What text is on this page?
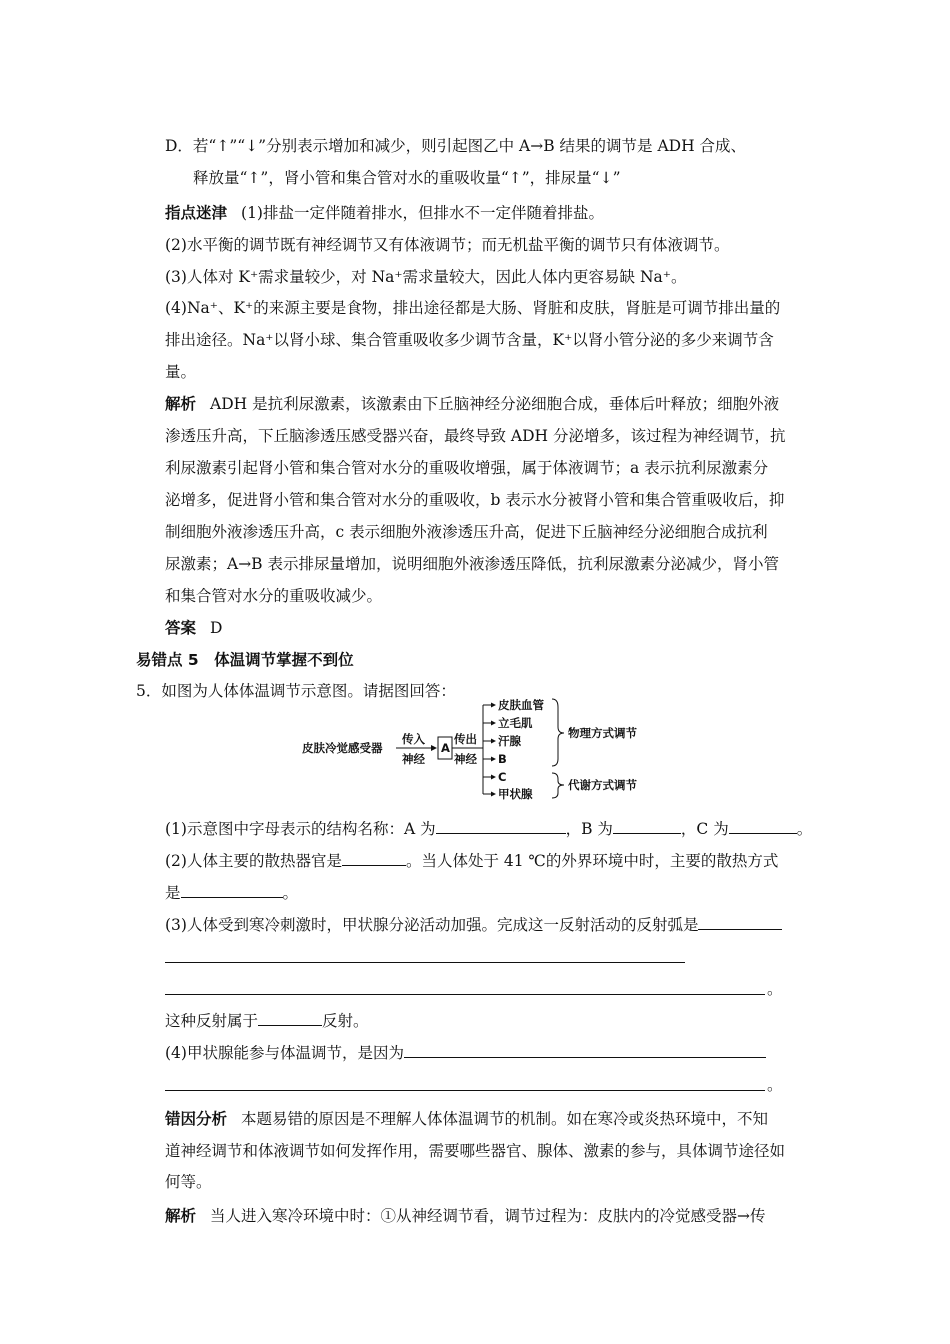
D．若“↑”“↓”分别表示增加和减少，则引起图乙中 A→B 结果的调节是 ADH 合成、
释放量“↑”，肾小管和集合管对水的重吸收量“↑”，排尿量“↓”
指点迷津 (1)排盐一定伴随着排水，但排水不一定伴随着排盐。
(2)水平衡的调节既有神经调节又有体液调节；而无机盐平衡的调节只有体液调节。
(3)人体对 K⁺需求量较少，对 Na⁺需求量较大，因此人体内更容易缺 Na⁺。
(4)Na⁺、K⁺的来源主要是食物，排出途径都是大肠、肾脏和皮肤，肾脏是可调节排出量的
排出途径。Na⁺以肾小球、集合管重吸收多少调节含量，K⁺以肾小管分泌的多少来调节含
量。
解析 ADH 是抗利尿激素，该激素由下丘脑神经分泌细胞合成，垂体后叶释放；细胞外液
渗透压升高，下丘脑渗透压感受器兴奋，最终导致 ADH 分泌增多，该过程为神经调节，抗
利尿激素引起肾小管和集合管对水分的重吸收增强，属于体液调节；a 表示抗利尿激素分
泌增多，促进肾小管和集合管对水分的重吸收，b 表示水分被肾小管和集合管重吸收后，抑
制细胞外液渗透压升高，c 表示细胞外液渗透压升高，促进下丘脑神经分泌细胞合成抗利
尿激素；A→B 表示排尿量增加，说明细胞外液渗透压降低，抗利尿激素分泌减少，肾小管
和集合管对水分的重吸收减少。
答案 D
易错点 5　体温调节掌握不到位
5．如图为人体体温调节示意图。请据图回答：
皮肤冷觉感受器
传入
神经
A
传出
神经
皮肤血管
立毛肌
汗腺
B
C
甲状腺
物理方式调节
代谢方式调节
(1)示意图中字母表示的结构名称：A 为	，B 为	，C 为	。
(2)人体主要的散热器官是	。当人体处于 41 ℃的外界环境中时，主要的散热方式
是	。
(3)人体受到寒冷刺激时，甲状腺分泌活动加强。完成这一反射活动的反射弧是
。
这种反射属于	反射。
(4)甲状腺能参与体温调节，是因为
。
错因分析 本题易错的原因是不理解人体体温调节的机制。如在寒冷或炎热环境中，不知
道神经调节和体液调节如何发挥作用，需要哪些器官、腺体、激素的参与，具体调节途径如
何等。
解析 当人进入寒冷环境中时：①从神经调节看，调节过程为：皮肤内的冷觉感受器→传
